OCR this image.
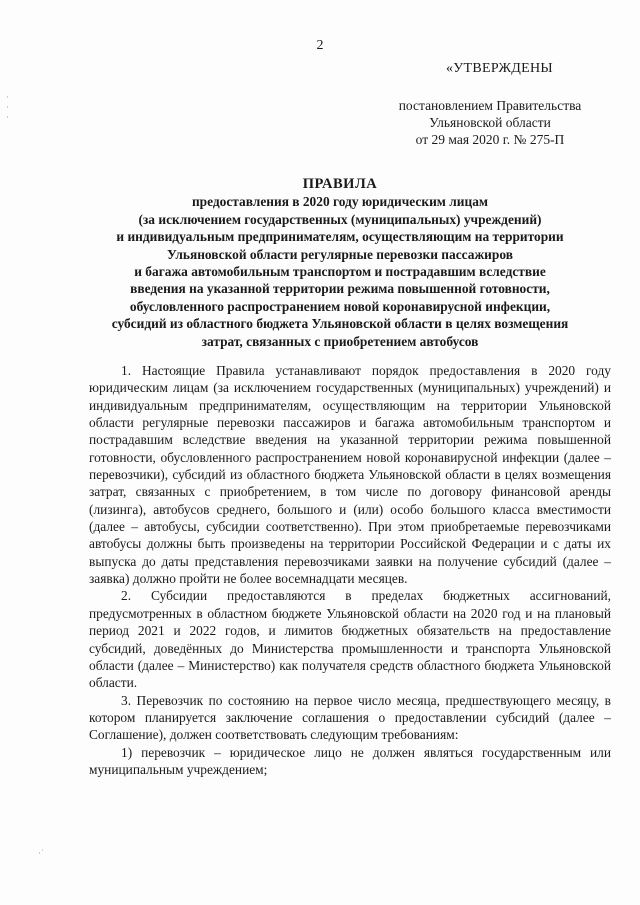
2
«УТВЕРЖДЕНЫ
постановлением Правительства
Ульяновской области
от 29 мая 2020 г. № 275-П
ПРАВИЛА
предоставления в 2020 году юридическим лицам
(за исключением государственных (муниципальных) учреждений)
и индивидуальным предпринимателям, осуществляющим на территории
Ульяновской области регулярные перевозки пассажиров
и багажа автомобильным транспортом и пострадавшим вследствие
введения на указанной территории режима повышенной готовности,
обусловленного распространением новой коронавирусной инфекции,
субсидий из областного бюджета Ульяновской области в целях возмещения
затрат, связанных с приобретением автобусов

1. Настоящие Правила устанавливают порядок предоставления в 2020 году юридическим лицам (за исключением государственных (муниципальных) учреждений) и индивидуальным предпринимателям, осуществляющим на территории Ульяновской области регулярные перевозки пассажиров и багажа автомобильным транспортом и пострадавшим вследствие введения на указанной территории режима повышенной готовности, обусловленного распространением новой коронавирусной инфекции (далее – перевозчики), субсидий из областного бюджета Ульяновской области в целях возмещения затрат, связанных с приобретением, в том числе по договору финансовой аренды (лизинга), автобусов среднего, большого и (или) особо большого класса вместимости (далее – автобусы, субсидии соответственно). При этом приобретаемые перевозчиками автобусы должны быть произведены на территории Российской Федерации и с даты их выпуска до даты представления перевозчиками заявки на получение субсидий (далее – заявка) должно пройти не более восемнадцати месяцев.

2. Субсидии предоставляются в пределах бюджетных ассигнований, предусмотренных в областном бюджете Ульяновской области на 2020 год и на плановый период 2021 и 2022 годов, и лимитов бюджетных обязательств на предоставление субсидий, доведённых до Министерства промышленности и транспорта Ульяновской области (далее – Министерство) как получателя средств областного бюджета Ульяновской области.

3. Перевозчик по состоянию на первое число месяца, предшествующего месяцу, в котором планируется заключение соглашения о предоставлении субсидий (далее – Соглашение), должен соответствовать следующим требованиям:

1) перевозчик – юридическое лицо не должен являться государственным или муниципальным учреждением;

·
·
·
·˙
